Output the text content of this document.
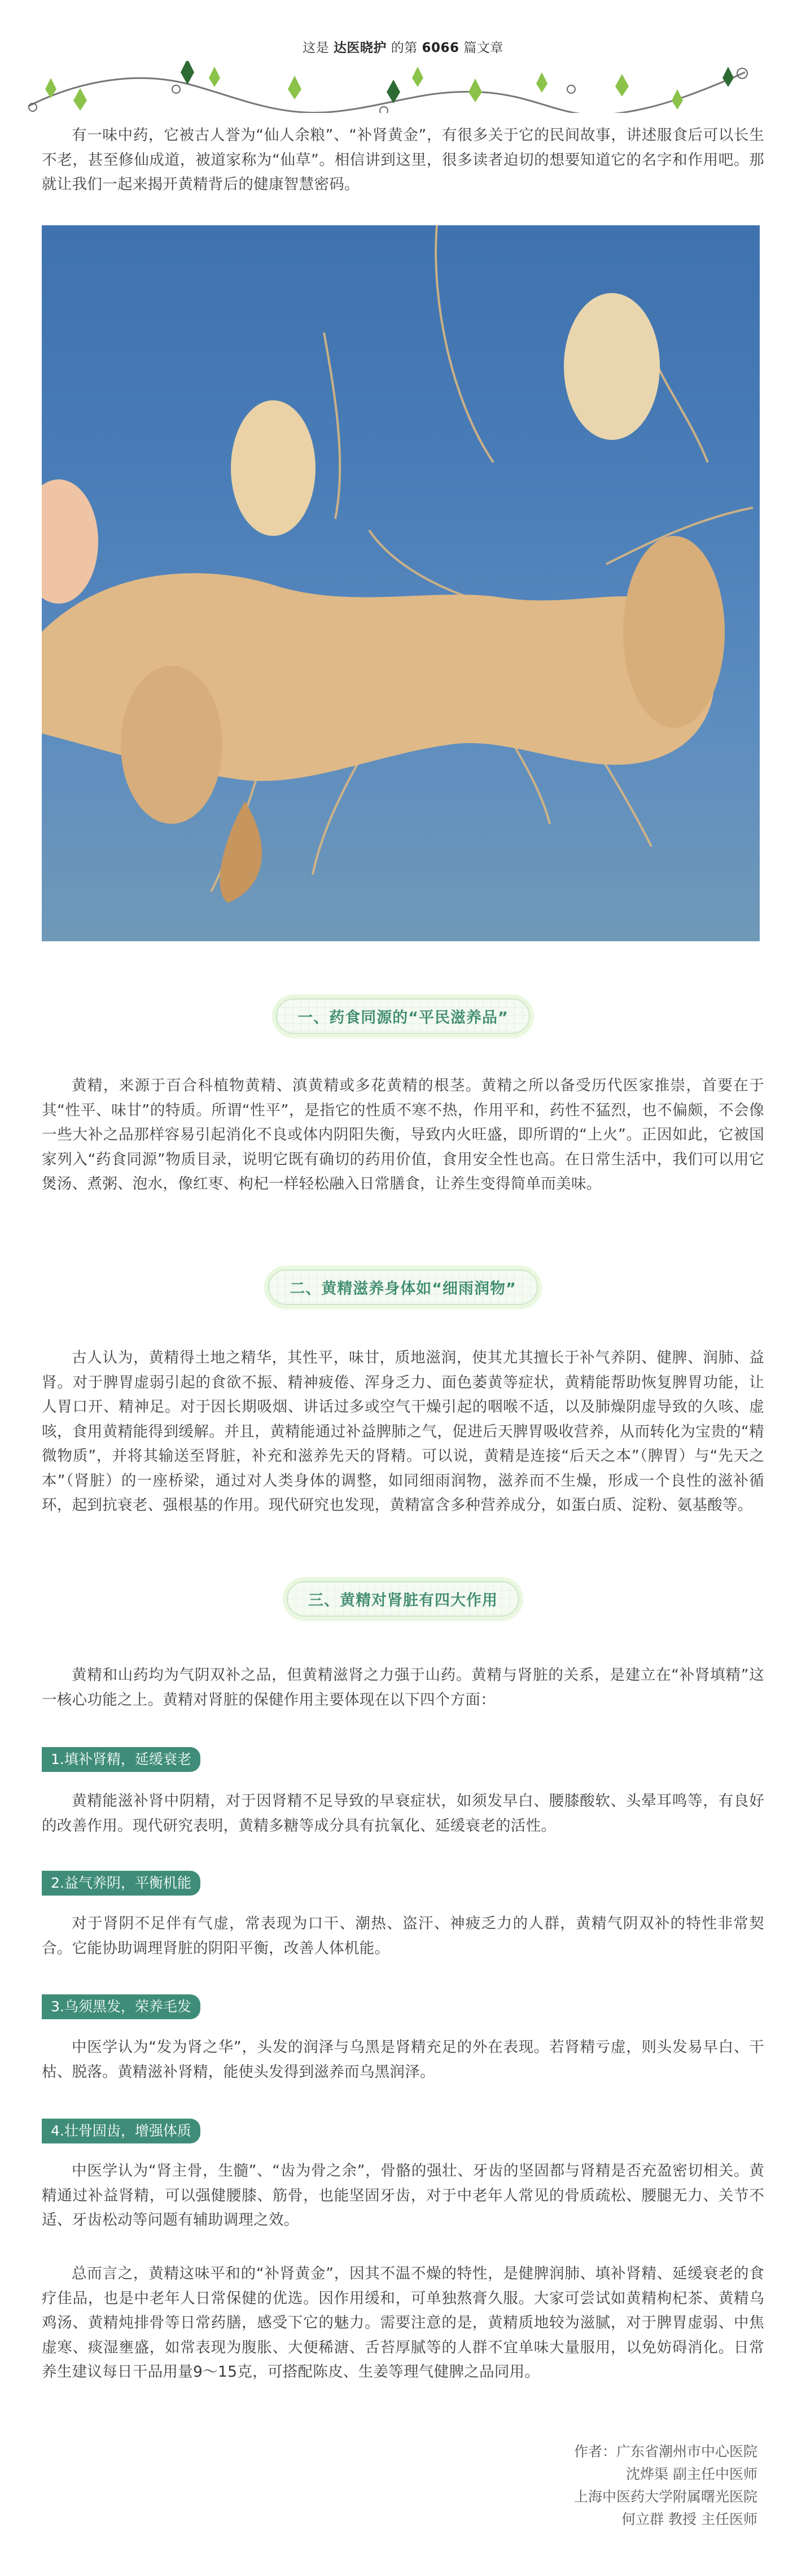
这是 达医晓护 的第 6066 篇文章

有一味中药，它被古人誉为“仙人余粮”、“补肾黄金”，有很多关于它的民间故事，讲述服食后可以长生不老，甚至修仙成道，被道家称为“仙草”。相信讲到这里，很多读者迫切的想要知道它的名字和作用吧。那就让我们一起来揭开黄精背后的健康智慧密码。

一、药食同源的“平民滋养品”

黄精，来源于百合科植物黄精、滇黄精或多花黄精的根茎。黄精之所以备受历代医家推崇，首要在于其“性平、味甘”的特质。所谓“性平”，是指它的性质不寒不热，作用平和，药性不猛烈，也不偏颇，不会像一些大补之品那样容易引起消化不良或体内阴阳失衡，导致内火旺盛，即所谓的“上火”。正因如此，它被国家列入“药食同源”物质目录，说明它既有确切的药用价值，食用安全性也高。在日常生活中，我们可以用它煲汤、煮粥、泡水，像红枣、枸杞一样轻松融入日常膳食，让养生变得简单而美味。

二、黄精滋养身体如“细雨润物”

古人认为，黄精得土地之精华，其性平，味甘，质地滋润，使其尤其擅长于补气养阴、健脾、润肺、益肾。对于脾胃虚弱引起的食欲不振、精神疲倦、浑身乏力、面色萎黄等症状，黄精能帮助恢复脾胃功能，让人胃口开、精神足。对于因长期吸烟、讲话过多或空气干燥引起的咽喉不适，以及肺燥阴虚导致的久咳、虚咳，食用黄精能得到缓解。并且，黄精能通过补益脾肺之气，促进后天脾胃吸收营养，从而转化为宝贵的“精微物质”，并将其输送至肾脏，补充和滋养先天的肾精。可以说，黄精是连接“后天之本”（脾胃）与“先天之本”（肾脏）的一座桥梁，通过对人类身体的调整，如同细雨润物，滋养而不生燥，形成一个良性的滋补循环，起到抗衰老、强根基的作用。现代研究也发现，黄精富含多种营养成分，如蛋白质、淀粉、氨基酸等。

三、黄精对肾脏有四大作用

黄精和山药均为气阴双补之品，但黄精滋肾之力强于山药。黄精与肾脏的关系，是建立在“补肾填精”这一核心功能之上。黄精对肾脏的保健作用主要体现在以下四个方面：

1.填补肾精，延缓衰老

黄精能滋补肾中阴精，对于因肾精不足导致的早衰症状，如须发早白、腰膝酸软、头晕耳鸣等，有良好的改善作用。现代研究表明，黄精多糖等成分具有抗氧化、延缓衰老的活性。

2.益气养阴，平衡机能

对于肾阴不足伴有气虚，常表现为口干、潮热、盗汗、神疲乏力的人群，黄精气阴双补的特性非常契合。它能协助调理肾脏的阴阳平衡，改善人体机能。

3.乌须黑发，荣养毛发

中医学认为“发为肾之华”，头发的润泽与乌黑是肾精充足的外在表现。若肾精亏虚，则头发易早白、干枯、脱落。黄精滋补肾精，能使头发得到滋养而乌黑润泽。

4.壮骨固齿，增强体质

中医学认为“肾主骨，生髓”、“齿为骨之余”，骨骼的强壮、牙齿的坚固都与肾精是否充盈密切相关。黄精通过补益肾精，可以强健腰膝、筋骨，也能坚固牙齿，对于中老年人常见的骨质疏松、腰腿无力、关节不适、牙齿松动等问题有辅助调理之效。

总而言之，黄精这味平和的“补肾黄金”，因其不温不燥的特性，是健脾润肺、填补肾精、延缓衰老的食疗佳品，也是中老年人日常保健的优选。因作用缓和，可单独熬膏久服。大家可尝试如黄精枸杞茶、黄精乌鸡汤、黄精炖排骨等日常药膳，感受下它的魅力。需要注意的是，黄精质地较为滋腻，对于脾胃虚弱、中焦虚寒、痰湿壅盛，如常表现为腹胀、大便稀溏、舌苔厚腻等的人群不宜单味大量服用，以免妨碍消化。日常养生建议每日干品用量9～15克，可搭配陈皮、生姜等理气健脾之品同用。

作者：广东省潮州市中心医院
沈烨渠 副主任中医师
上海中医药大学附属曙光医院
何立群 教授 主任医师
